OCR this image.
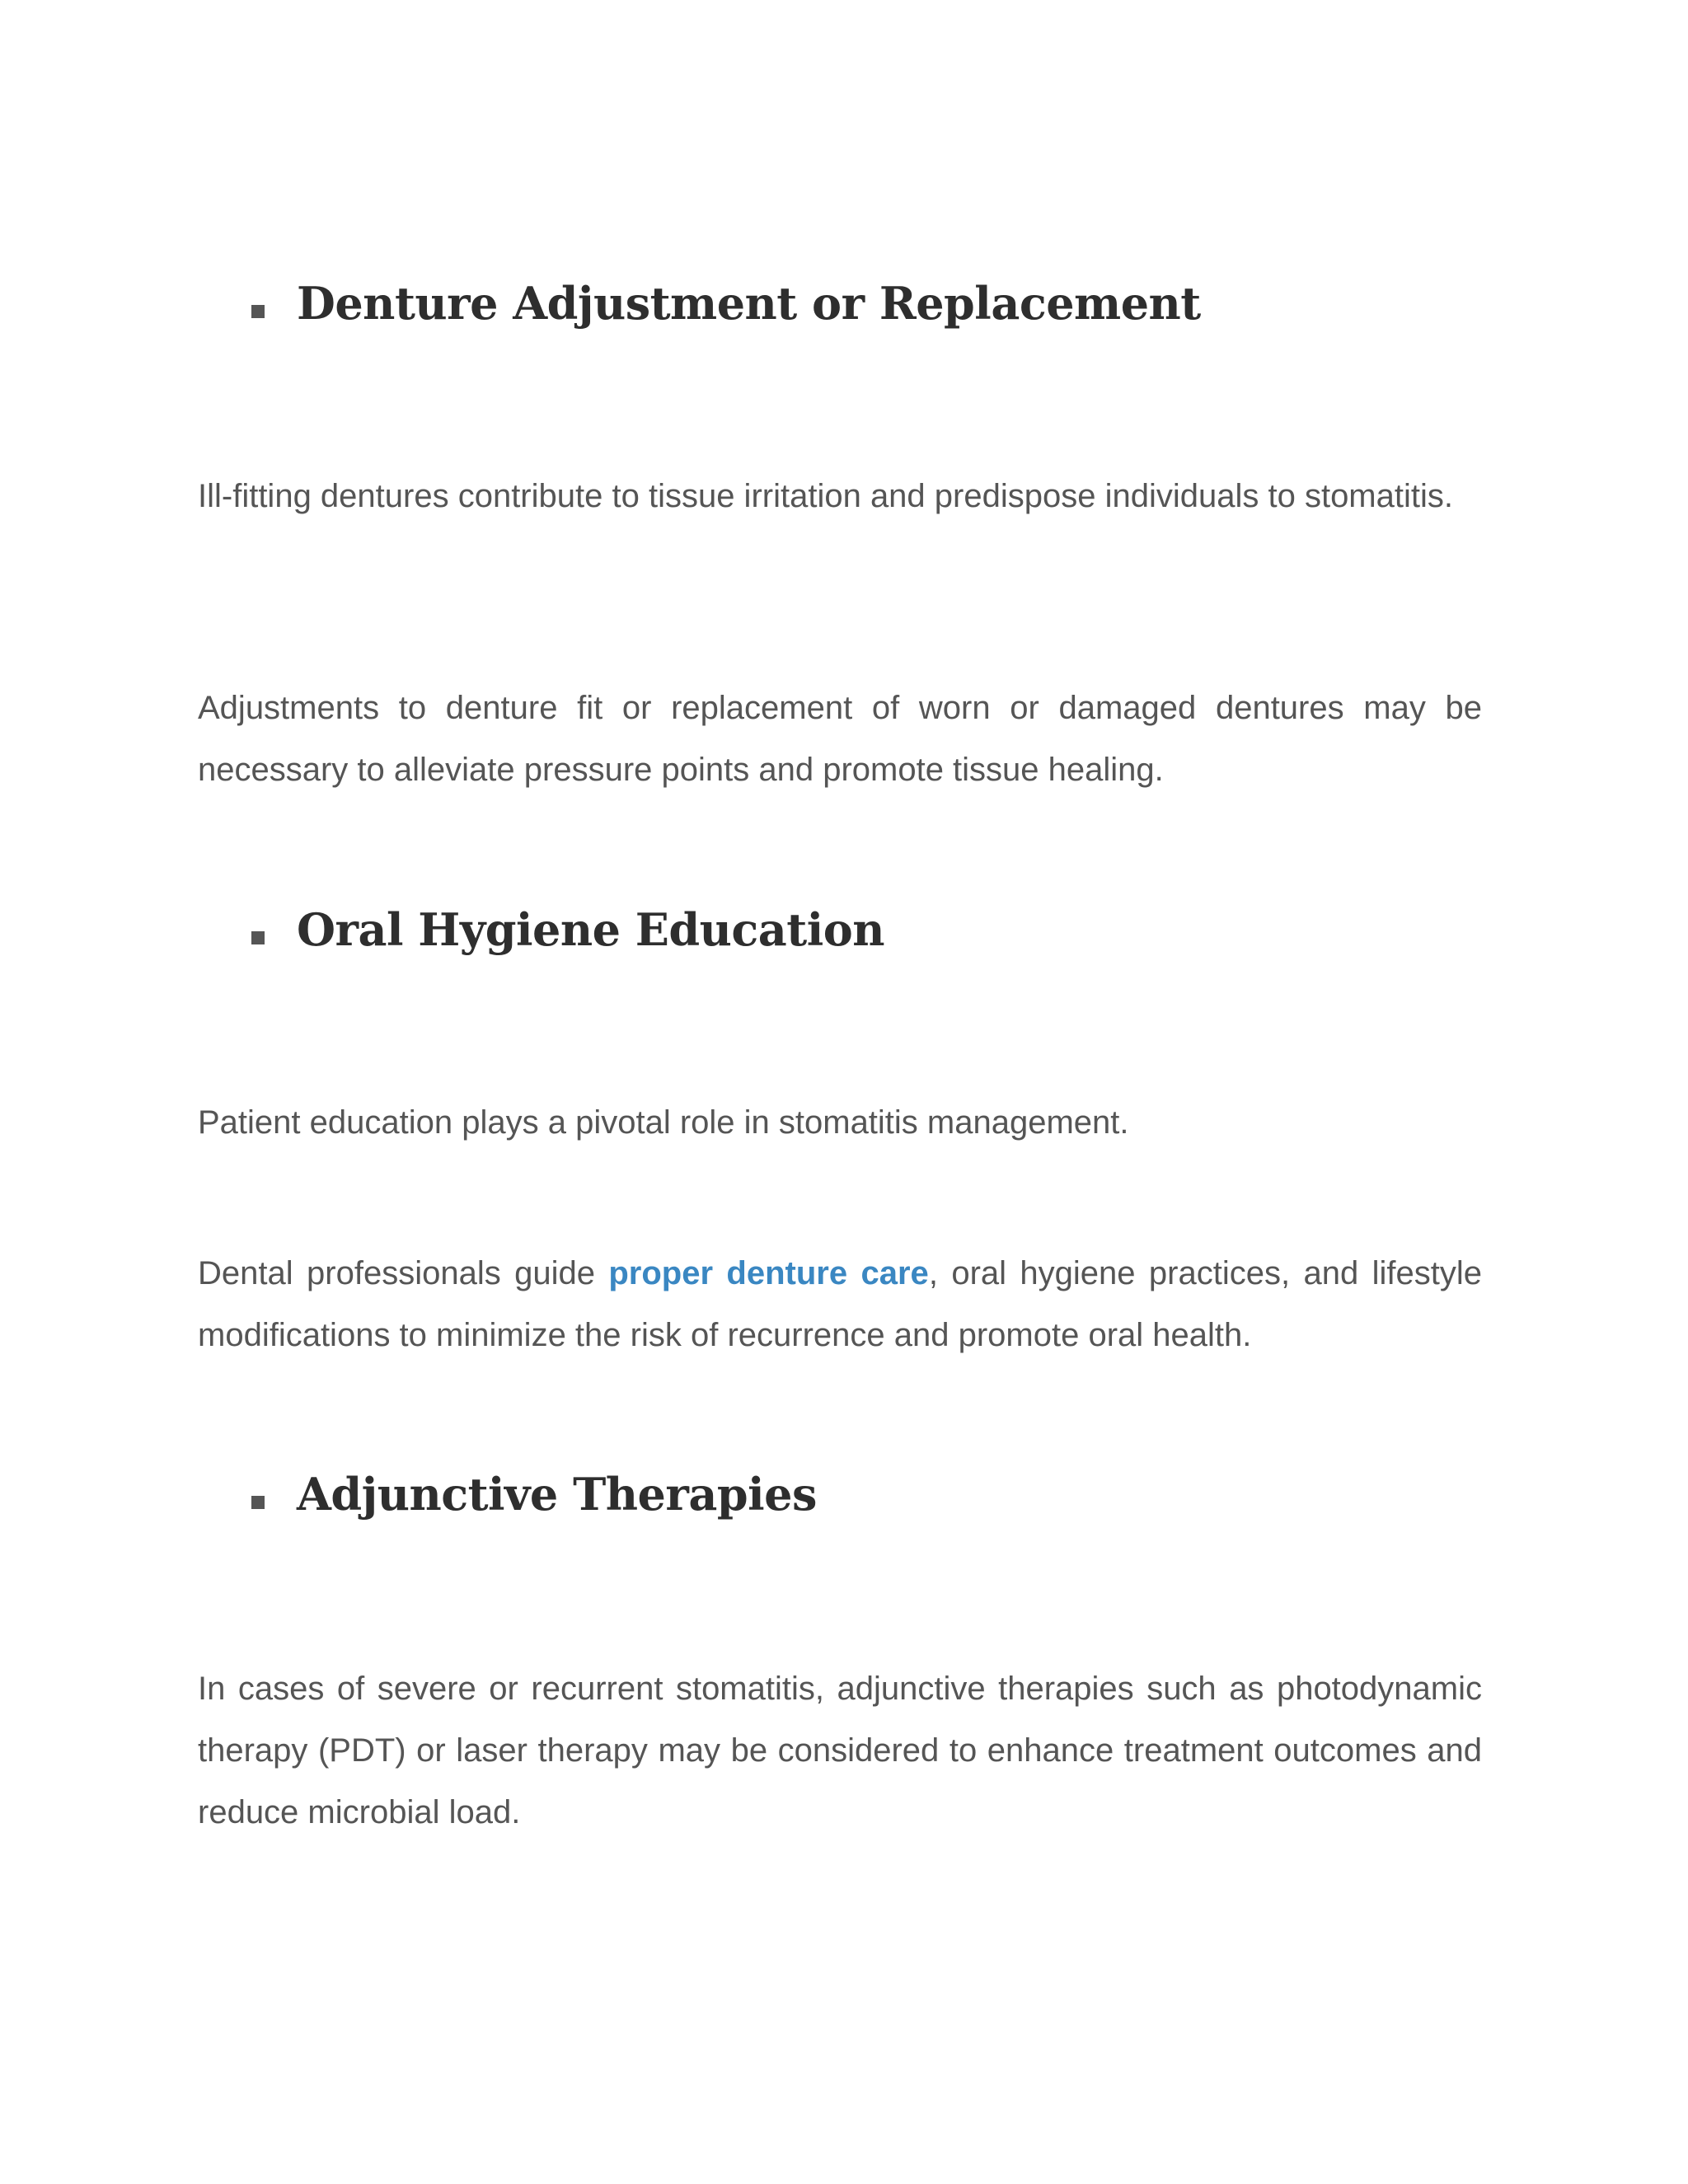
Denture Adjustment or Replacement

Ill-fitting dentures contribute to tissue irritation and predispose individuals to stomatitis.

Adjustments to denture fit or replacement of worn or damaged dentures may be necessary to alleviate pressure points and promote tissue healing.

Oral Hygiene Education

Patient education plays a pivotal role in stomatitis management.

Dental professionals guide proper denture care, oral hygiene practices, and lifestyle modifications to minimize the risk of recurrence and promote oral health.

Adjunctive Therapies

In cases of severe or recurrent stomatitis, adjunctive therapies such as photodynamic therapy (PDT) or laser therapy may be considered to enhance treatment outcomes and reduce microbial load.
